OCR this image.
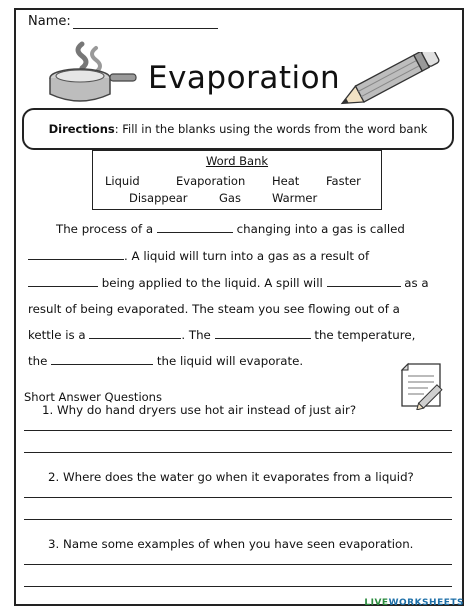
Name:
Evaporation
Directions: Fill in the blanks using the words from the word bank
Word Bank
Liquid	Evaporation Heat Faster
Disappear	Gas	Warmer
The process of a	changing into a gas is called
. A liquid will turn into a gas as a result of
being applied to the liquid. A spill will	as a
result of being evaporated. The steam you see flowing out of a
kettle is a	. The	the temperature,
the	the liquid will evaporate.
Short Answer Questions
1. Why do hand dryers use hot air instead of just air?
2. Where does the water go when it evaporates from a liquid?
3. Name some examples of when you have seen evaporation.
LIVEWORKSHEETS
